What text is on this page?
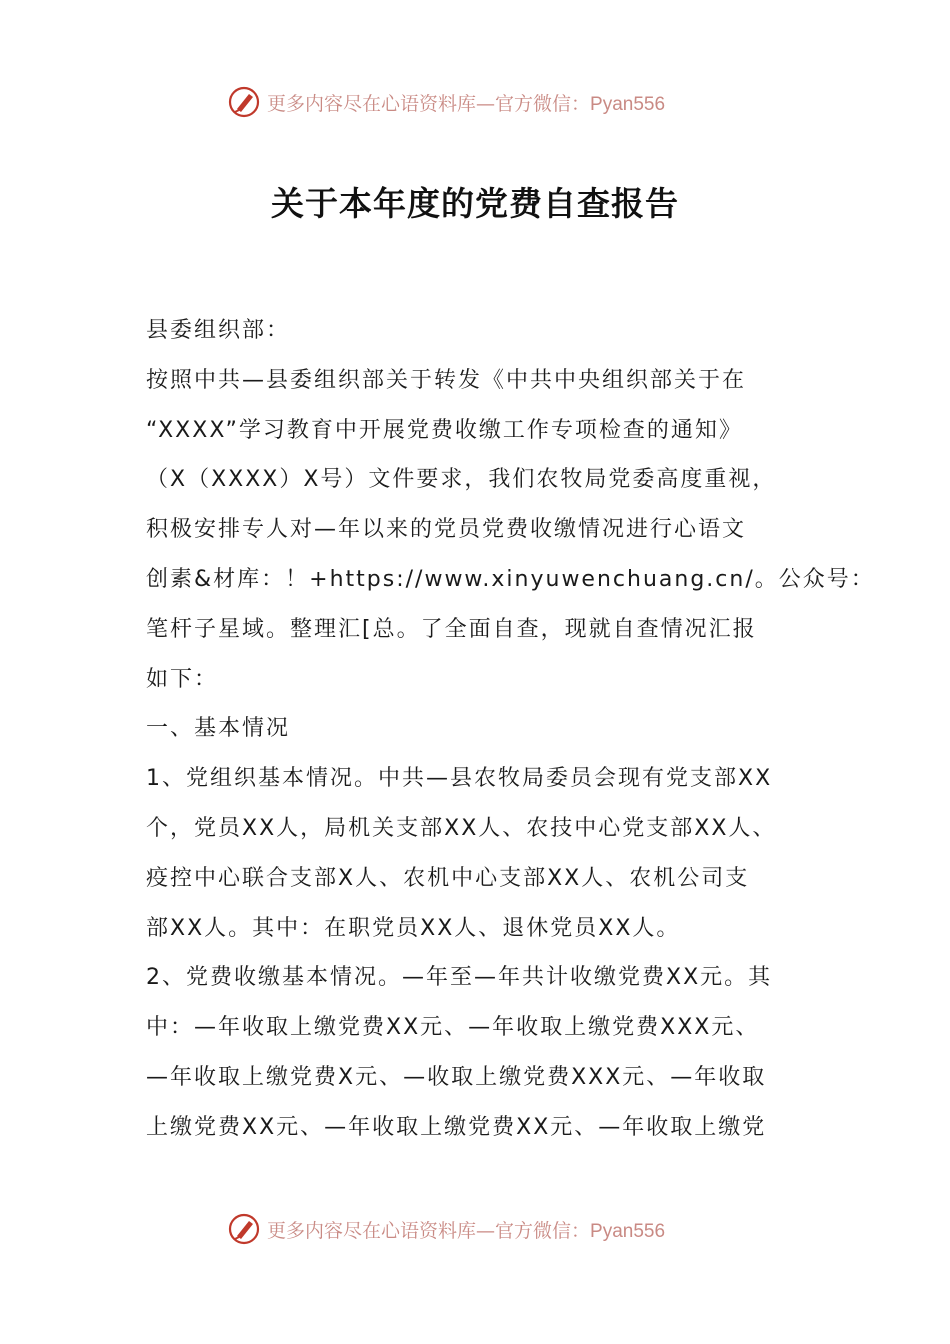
更多内容尽在心语资料库—官方微信：Pyan556
关于本年度的党费自查报告
县委组织部：
按照中共—县委组织部关于转发《中共中央组织部关于在
“XXXX”学习教育中开展党费收缴工作专项检查的通知》
（X（XXXX）X号）文件要求，我们农牧局党委高度重视，
积极安排专人对—年以来的党员党费收缴情况进行心语文
创素&材库：！+https://www.xinyuwenchuang.cn/。公众号：
笔杆子星域。整理汇[总。了全面自查，现就自查情况汇报
如下：
一、基本情况
1、党组织基本情况。中共—县农牧局委员会现有党支部XX
个，党员XX人，局机关支部XX人、农技中心党支部XX人、
疫控中心联合支部X人、农机中心支部XX人、农机公司支
部XX人。其中：在职党员XX人、退休党员XX人。
2、党费收缴基本情况。—年至—年共计收缴党费XX元。其
中：—年收取上缴党费XX元、—年收取上缴党费XXX元、
—年收取上缴党费X元、—收取上缴党费XXX元、—年收取
上缴党费XX元、—年收取上缴党费XX元、—年收取上缴党
更多内容尽在心语资料库—官方微信：Pyan556
